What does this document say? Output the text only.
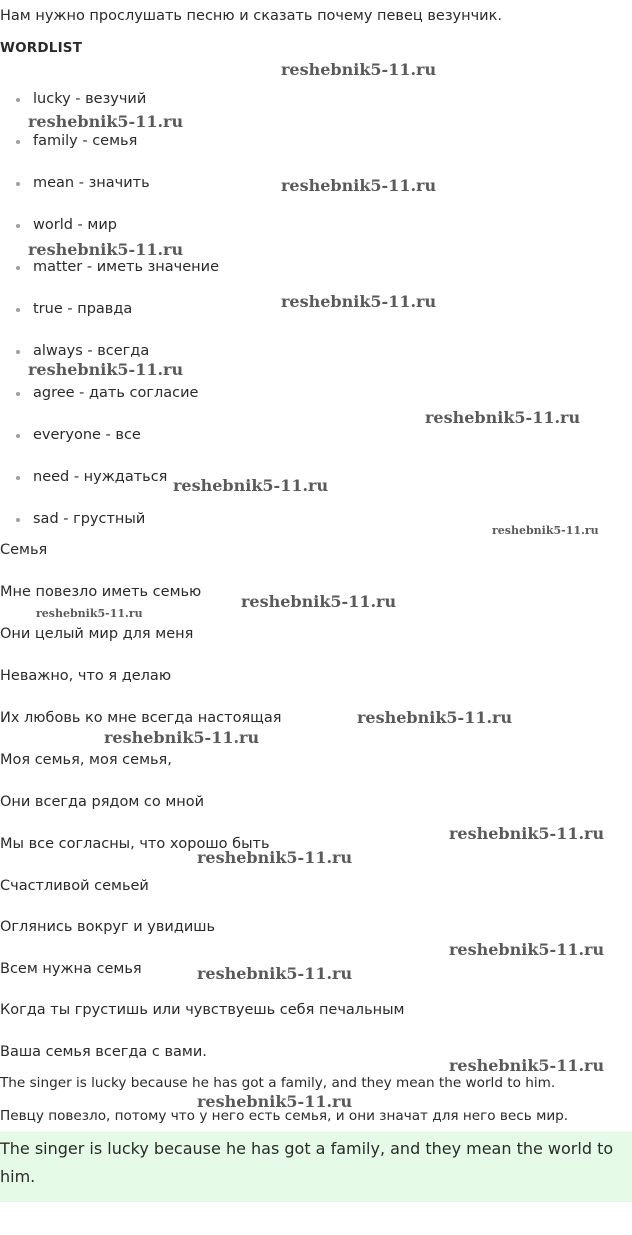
Нам нужно прослушать песню и сказать почему певец везунчик.
WORDLIST
lucky - везучий
family - семья
mean - значить
world - мир
matter - иметь значение
true - правда
always - всегда
agree - дать согласие
everyone - все
need - нуждаться
sad - грустный
Семья
Мне повезло иметь семью
Они целый мир для меня
Неважно, что я делаю
Их любовь ко мне всегда настоящая
Моя семья, моя семья,
Они всегда рядом со мной
Мы все согласны, что хорошо быть
Счастливой семьей
Оглянись вокруг и увидишь
Всем нужна семья
Когда ты грустишь или чувствуешь себя печальным
Ваша семья всегда с вами.
The singer is lucky because he has got a family, and they mean the world to him.
Певцу повезло, потому что у него есть семья, и они значат для него весь мир.
The singer is lucky because he has got a family, and they mean the world to him.
reshebnik5-11.ru
reshebnik5-11.ru
reshebnik5-11.ru
reshebnik5-11.ru
reshebnik5-11.ru
reshebnik5-11.ru
reshebnik5-11.ru
reshebnik5-11.ru
reshebnik5-11.ru
reshebnik5-11.ru
reshebnik5-11.ru
reshebnik5-11.ru
reshebnik5-11.ru
reshebnik5-11.ru
reshebnik5-11.ru
reshebnik5-11.ru
reshebnik5-11.ru
reshebnik5-11.ru
reshebnik5-11.ru
